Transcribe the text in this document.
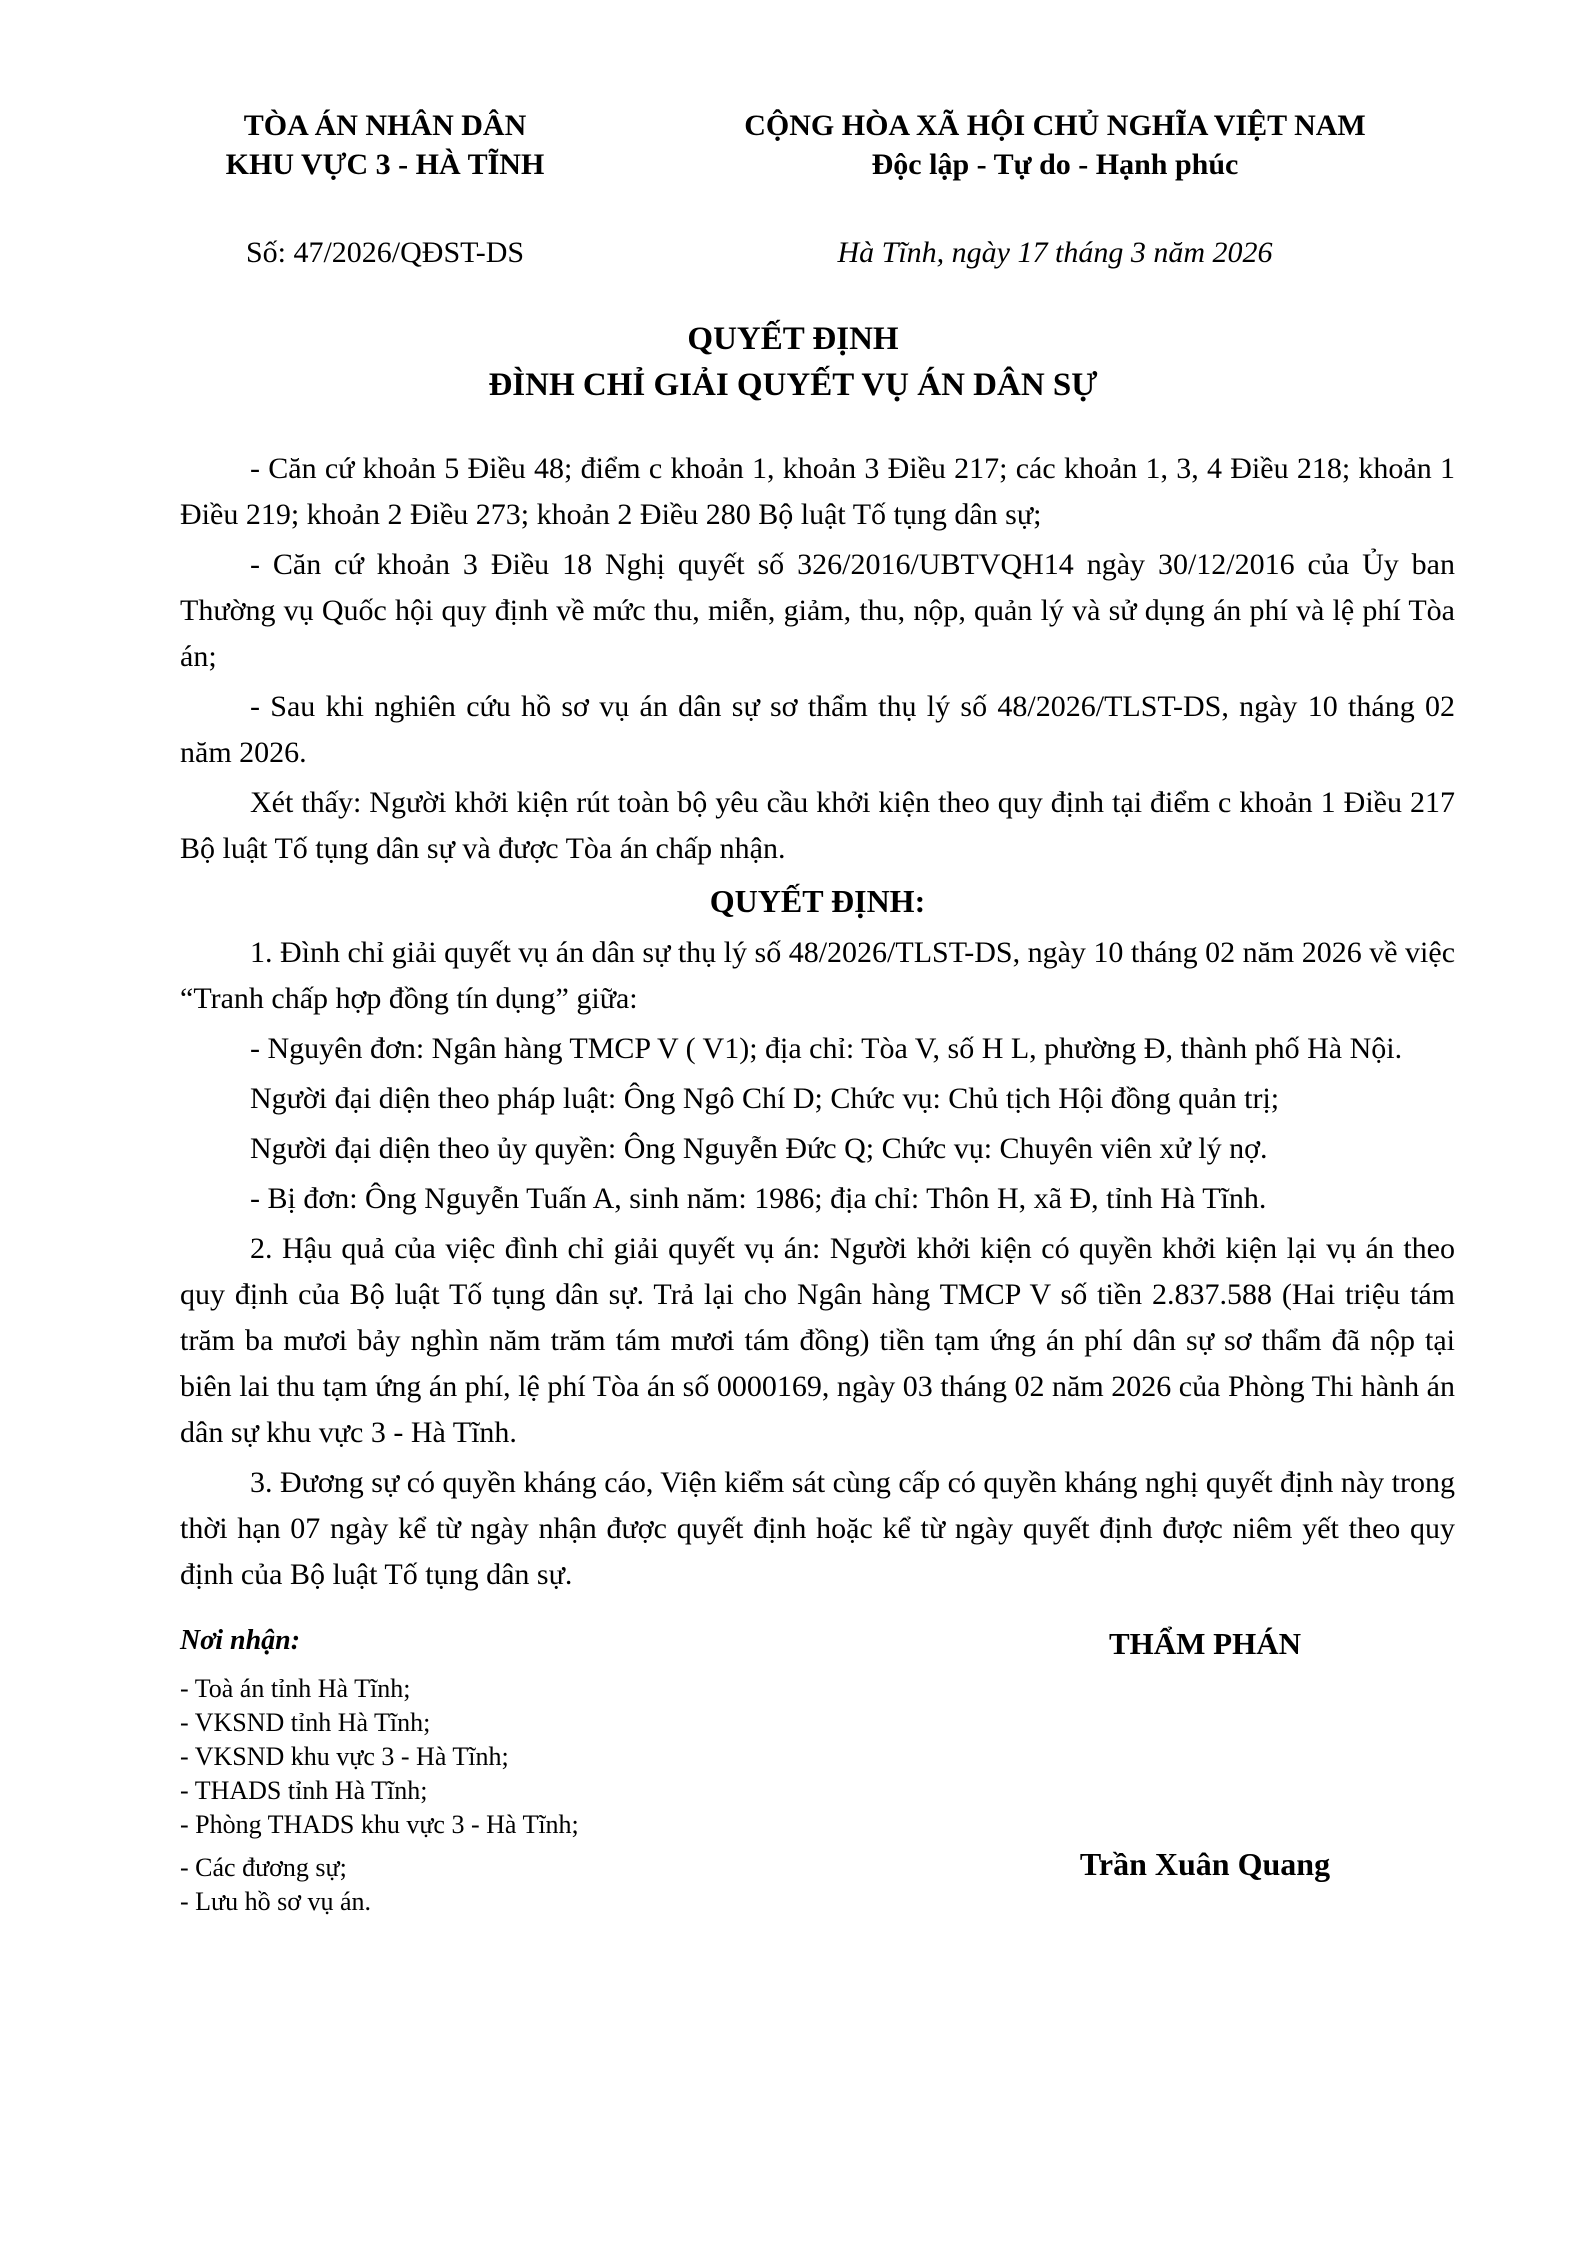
TÒA ÁN NHÂN DÂN
KHU VỰC 3 - HÀ TĨNH
Số: 47/2026/QĐST-DS
CỘNG HÒA XÃ HỘI CHỦ NGHĨA VIỆT NAM
Độc lập - Tự do - Hạnh phúc
Hà Tĩnh, ngày 17 tháng 3 năm 2026
QUYẾT ĐỊNH
ĐÌNH CHỈ GIẢI QUYẾT VỤ ÁN DÂN SỰ

- Căn cứ khoản 5 Điều 48; điểm c khoản 1, khoản 3 Điều 217; các khoản 1, 3, 4 Điều 218; khoản 1 Điều 219; khoản 2 Điều 273; khoản 2 Điều 280 Bộ luật Tố tụng dân sự;

- Căn cứ khoản 3 Điều 18 Nghị quyết số 326/2016/UBTVQH14 ngày 30/12/2016 của Ủy ban Thường vụ Quốc hội quy định về mức thu, miễn, giảm, thu, nộp, quản lý và sử dụng án phí và lệ phí Tòa án;

- Sau khi nghiên cứu hồ sơ vụ án dân sự sơ thẩm thụ lý số 48/2026/TLST-DS, ngày 10 tháng 02 năm 2026.

Xét thấy: Người khởi kiện rút toàn bộ yêu cầu khởi kiện theo quy định tại điểm c khoản 1 Điều 217 Bộ luật Tố tụng dân sự và được Tòa án chấp nhận.

QUYẾT ĐỊNH:

1. Đình chỉ giải quyết vụ án dân sự thụ lý số 48/2026/TLST-DS, ngày 10 tháng 02 năm 2026 về việc “Tranh chấp hợp đồng tín dụng” giữa:

- Nguyên đơn: Ngân hàng TMCP V ( V1); địa chỉ: Tòa V, số H L, phường Đ, thành phố Hà Nội.

Người đại diện theo pháp luật: Ông Ngô Chí D; Chức vụ: Chủ tịch Hội đồng quản trị;

Người đại diện theo ủy quyền: Ông Nguyễn Đức Q; Chức vụ: Chuyên viên xử lý nợ.

- Bị đơn: Ông Nguyễn Tuấn A, sinh năm: 1986; địa chỉ: Thôn H, xã Đ, tỉnh Hà Tĩnh.

2. Hậu quả của việc đình chỉ giải quyết vụ án: Người khởi kiện có quyền khởi kiện lại vụ án theo quy định của Bộ luật Tố tụng dân sự. Trả lại cho Ngân hàng TMCP V số tiền 2.837.588 (Hai triệu tám trăm ba mươi bảy nghìn năm trăm tám mươi tám đồng) tiền tạm ứng án phí dân sự sơ thẩm đã nộp tại biên lai thu tạm ứng án phí, lệ phí Tòa án số 0000169, ngày 03 tháng 02 năm 2026 của Phòng Thi hành án dân sự khu vực 3 - Hà Tĩnh.

3. Đương sự có quyền kháng cáo, Viện kiểm sát cùng cấp có quyền kháng nghị quyết định này trong thời hạn 07 ngày kể từ ngày nhận được quyết định hoặc kể từ ngày quyết định được niêm yết theo quy định của Bộ luật Tố tụng dân sự.

Nơi nhận:
- Toà án tỉnh Hà Tĩnh;
- VKSND tỉnh Hà Tĩnh;
- VKSND khu vực 3 - Hà Tĩnh;
- THADS tỉnh Hà Tĩnh;
- Phòng THADS khu vực 3 - Hà Tĩnh;
- Các đương sự;
- Lưu hồ sơ vụ án.
THẨM PHÁN
Trần Xuân Quang
